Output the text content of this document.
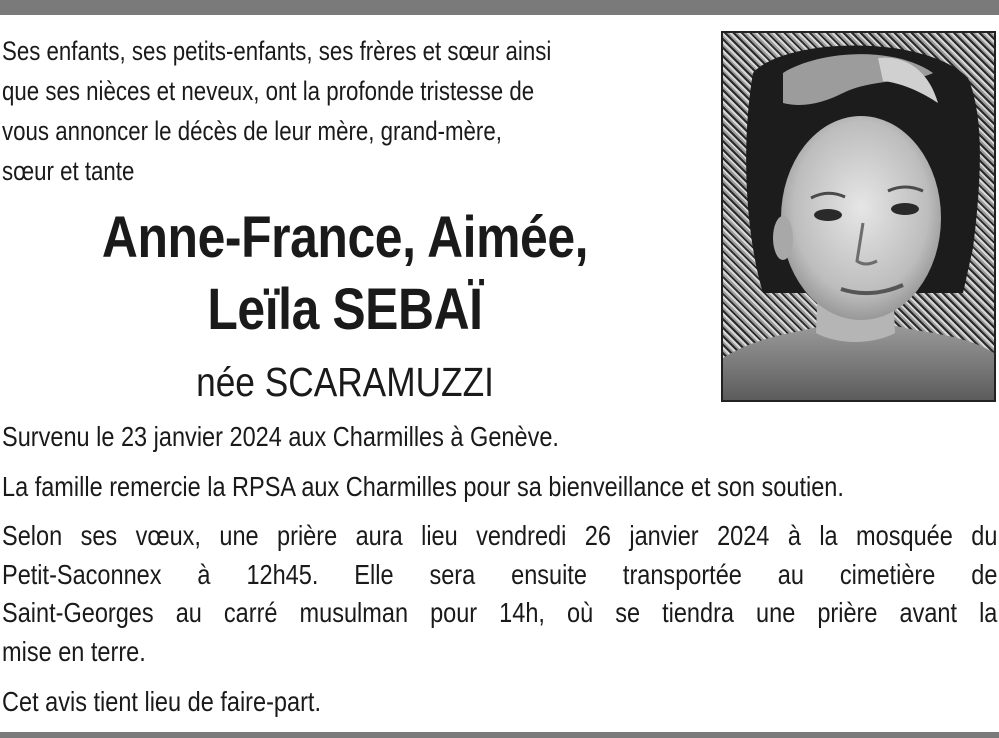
Ses enfants, ses petits-enfants, ses frères et sœur ainsi
que ses nièces et neveux, ont la profonde tristesse de
vous annoncer le décès de leur mère, grand-mère,
sœur et tante

Anne-France, Aimée,
Leïla SEBAÏ
née SCARAMUZZI

Survenu le 23 janvier 2024 aux Charmilles à Genève.

La famille remercie la RPSA aux Charmilles pour sa bienveillance et son soutien.

Selon ses vœux, une prière aura lieu vendredi 26 janvier 2024 à la mosquée du
Petit-Saconnex à 12h45. Elle sera ensuite transportée au cimetière de
Saint-Georges au carré musulman pour 14h, où se tiendra une prière avant la
mise en terre.

Cet avis tient lieu de faire-part.
